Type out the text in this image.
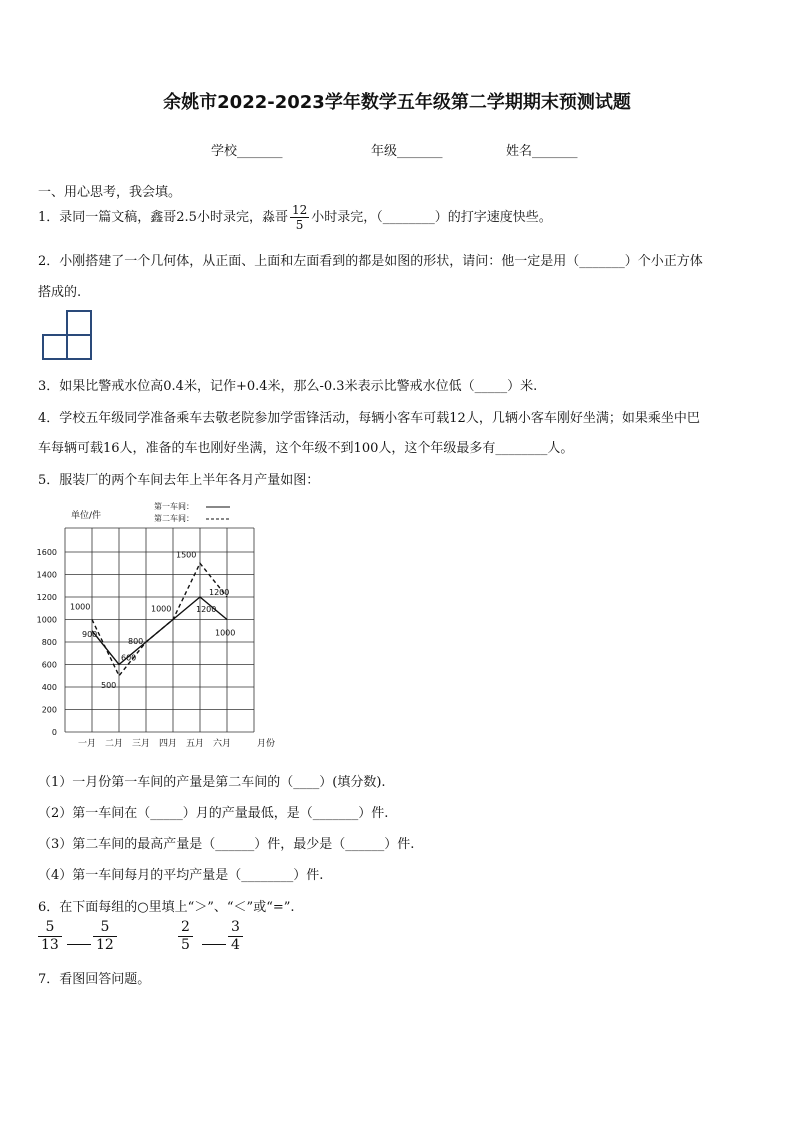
余姚市2022-2023学年数学五年级第二学期期末预测试题
学校_______	年级_______	姓名_______
一、用心思考，我会填。
1．录同一篇文稿，鑫哥2.5小时录完，淼哥 $\frac{12}{5}$ 小时录完，（________）的打字速度快些。
2．小刚搭建了一个几何体，从正面、上面和左面看到的都是如图的形状，请问：他一定是用（_______）个小正方体
搭成的.
3．如果比警戒水位高0.4米，记作+0.4米，那么-0.3米表示比警戒水位低（_____）米.
4．学校五年级同学准备乘车去敬老院参加学雷锋活动，每辆小客车可载12人，几辆小客车刚好坐满；如果乘坐中巴
车每辆可载16人，准备的车也刚好坐满，这个年级不到100人，这个年级最多有________人。
5．服装厂的两个车间去年上半年各月产量如图：
0
200
400
600
800
1000
1200
1400
1600
单位/件
一月 二月 三月 四月 五月 六月	月份
第一车间：
第二车间：
900
600
800
1200
1000
1000
500
1000
1500
1200
（1）一月份第一车间的产量是第二车间的（____）(填分数).
（2）第一车间在（_____）月的产量最低，是（_______）件.
（3）第二车间的最高产量是（______）件，最少是（______）件.
（4）第一车间每月的平均产量是（________）件.
6．在下面每组的○里填上“＞”、“＜”或“=”.
$\frac{5}{13} \frac{5}{12}$	$\frac{2}{5}$	$\frac{3}{4}$
7．看图回答问题。
